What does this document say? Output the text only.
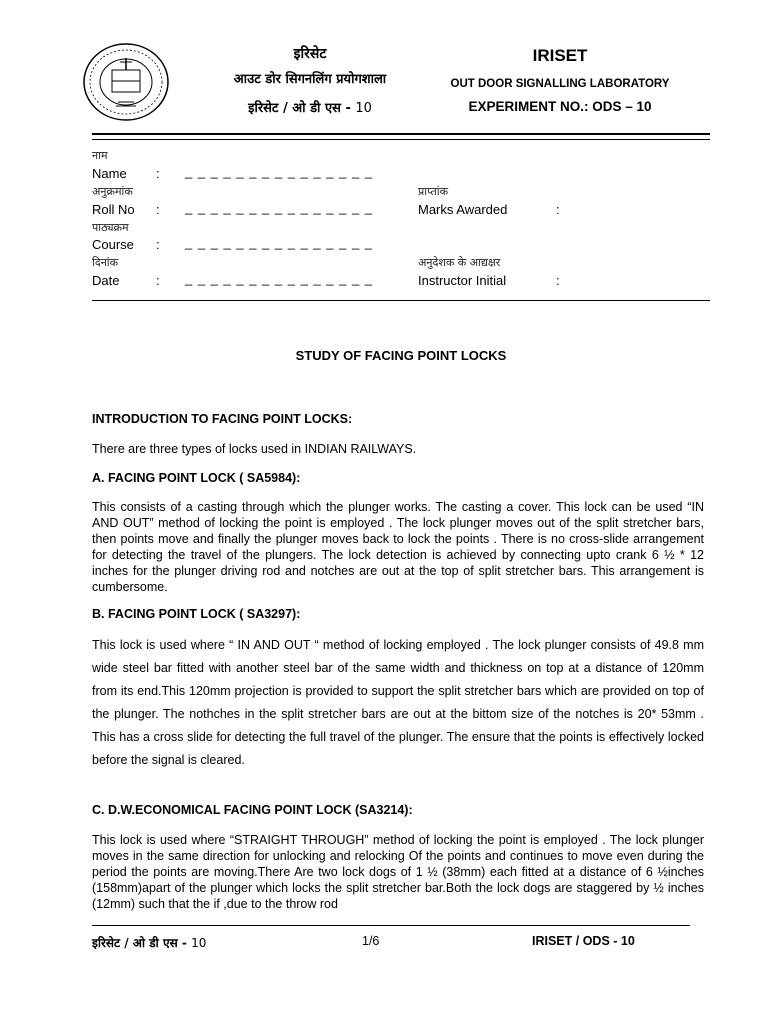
इरिसेट
आउट डोर सिगनलिंग प्रयोगशाला
इरिसेट / ओ डी एस - 10
IRISET
OUT DOOR SIGNALLING LABORATORY
EXPERIMENT NO.: ODS – 10
नाम
Name : _ _ _ _ _ _ _ _ _ _ _ _ _ _ _
अनुक्रमांक
Roll No : _ _ _ _ _ _ _ _ _ _ _ _ _ _ _
पाठ्यक्रम
Course : _ _ _ _ _ _ _ _ _ _ _ _ _ _ _
दिनांक
Date	: _ _ _ _ _ _ _ _ _ _ _ _ _ _ _
प्राप्तांक
Marks Awarded	:
अनुदेशक के आद्यक्षर
Instructor Initial	:
STUDY OF FACING POINT LOCKS
INTRODUCTION TO FACING POINT LOCKS:
There are three types of locks used in INDIAN RAILWAYS.
A. FACING POINT LOCK ( SA5984):
This consists of a casting through which the plunger works. The casting a cover. This lock can be used “IN AND OUT” method of locking the point is employed . The lock plunger moves out of the split stretcher bars, then points move and finally the plunger moves back to lock the points . There is no cross-slide arrangement for detecting the travel of the plungers. The lock detection is achieved by connecting upto crank 6 ½ * 12 inches for the plunger driving rod and notches are out at the top of split stretcher bars. This arrangement is cumbersome.
B. FACING POINT LOCK ( SA3297):
This lock is used where “ IN AND OUT “ method of locking employed . The lock plunger consists of 49.8 mm wide steel bar fitted with another steel bar of the same width and thickness on top at a distance of 120mm from its end.This 120mm projection is provided to support the split stretcher bars which are provided on top of the plunger. The nothches in the split stretcher bars are out at the bittom size of the notches is 20* 53mm . This has a cross slide for detecting the full travel of the plunger. The ensure that the points is effectively locked before the signal is cleared.
C. D.W.ECONOMICAL FACING POINT LOCK (SA3214):
This lock is used where “STRAIGHT THROUGH” method of locking the point is employed . The lock plunger moves in the same direction for unlocking and relocking Of the points and continues to move even during the period the points are moving.There Are two lock dogs of 1 ½ (38mm) each fitted at a distance of 6 ½inches (158mm)apart of the plunger which locks the split stretcher bar.Both the lock dogs are staggered by ½ inches (12mm) such that the if ,due to the throw rod
इरिसेट / ओ डी एस - 10	1/6	IRISET / ODS - 10
